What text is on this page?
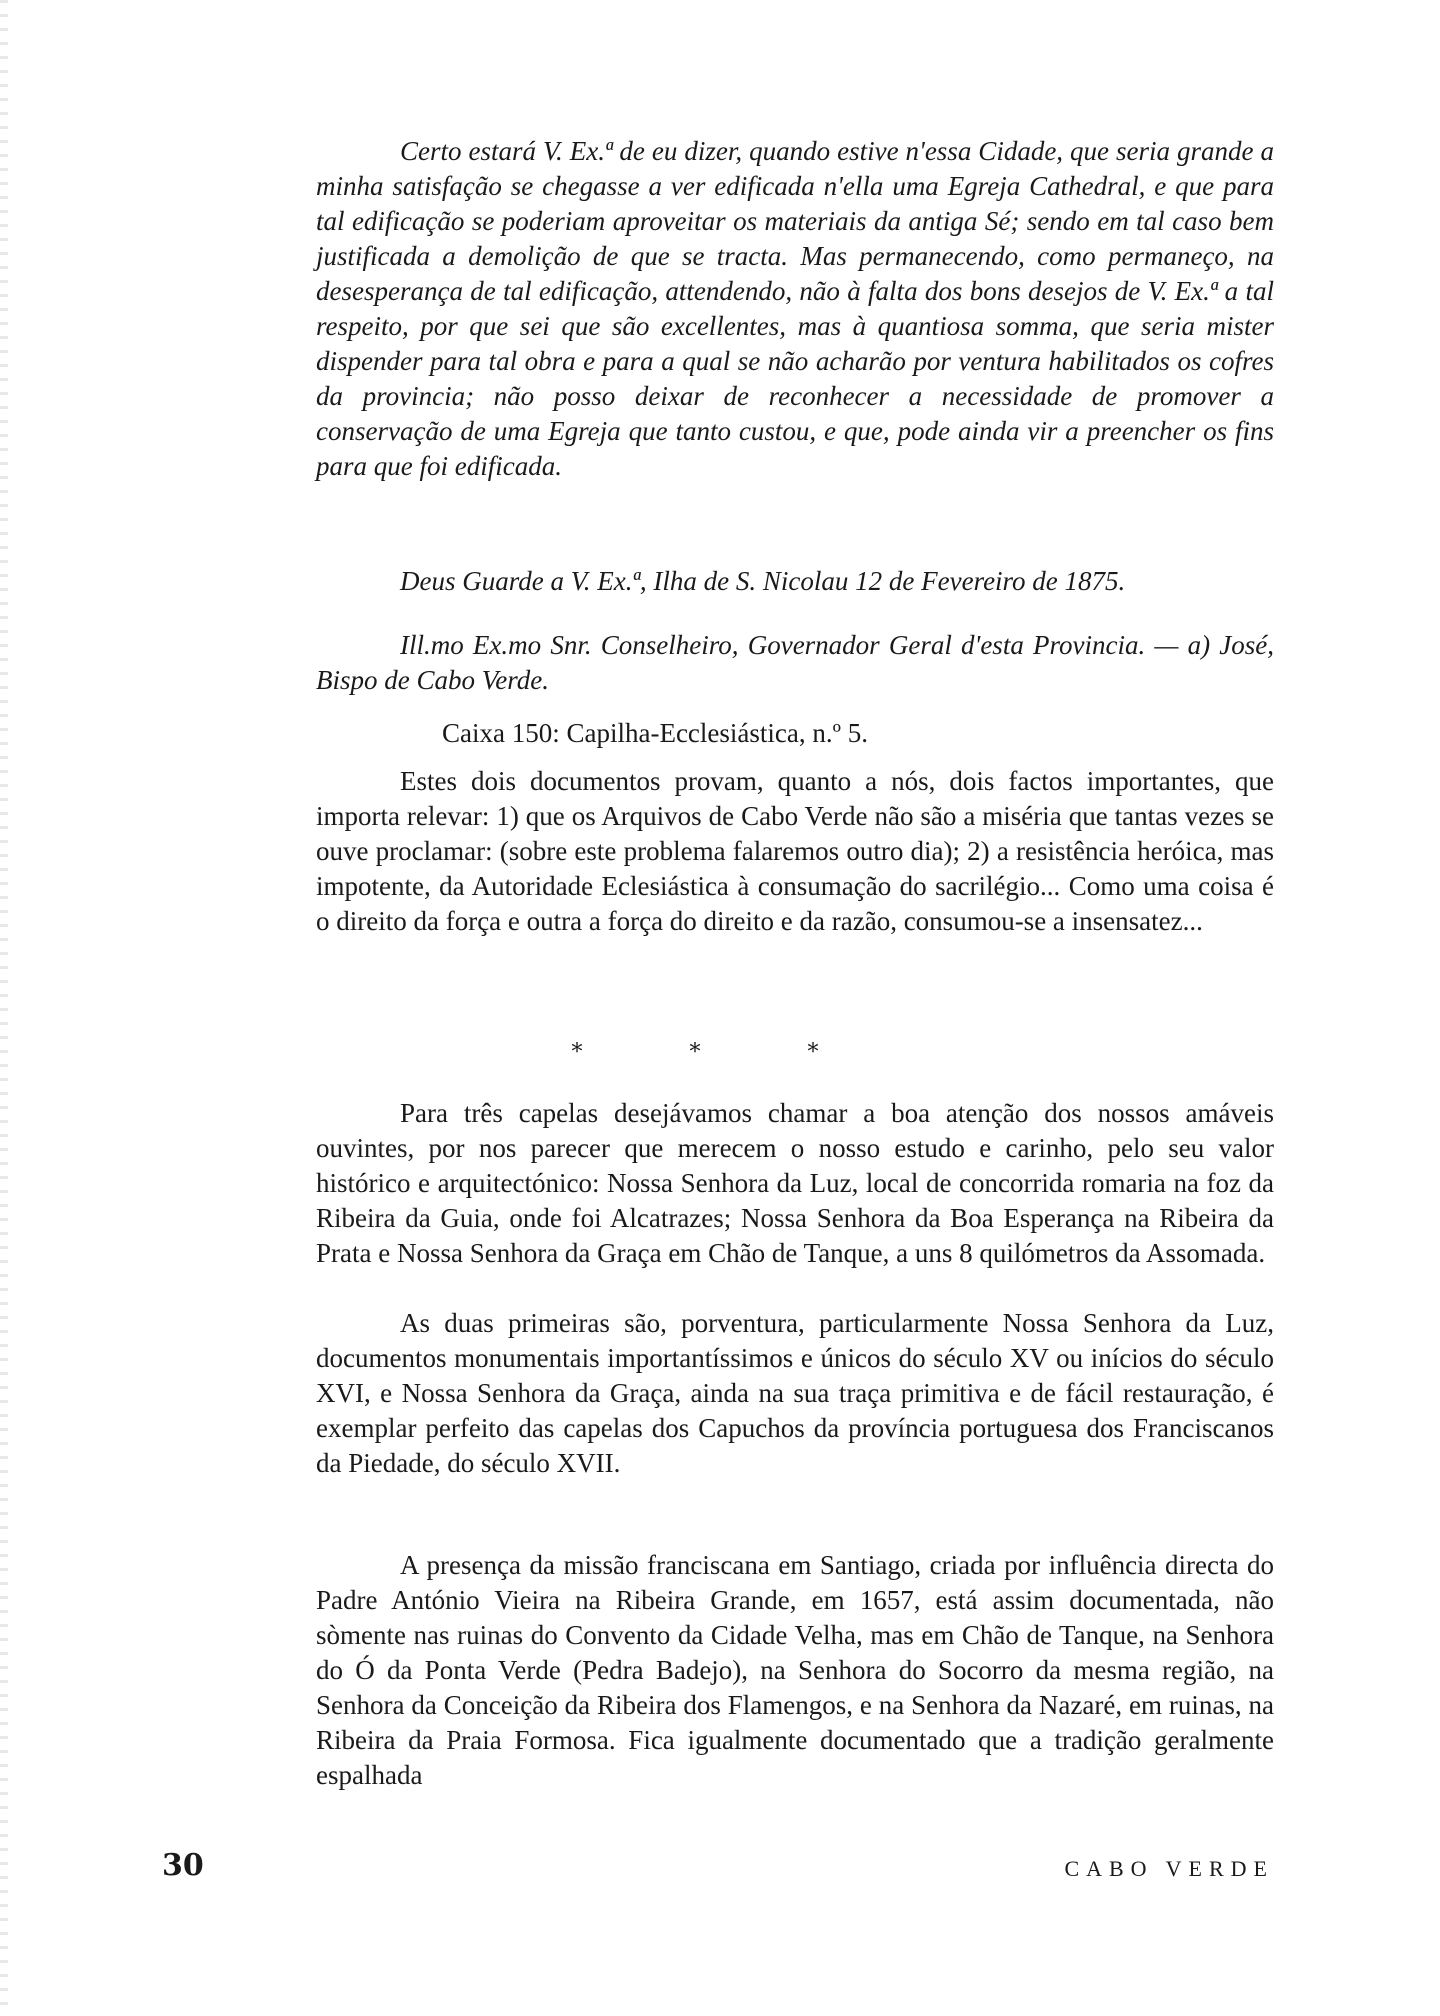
Certo estará V. Ex.ª de eu dizer, quando estive n'essa Cidade, que seria grande a minha satisfação se chegasse a ver edificada n'ella uma Egreja Cathedral, e que para tal edificação se poderiam aproveitar os materiais da antiga Sé; sendo em tal caso bem justificada a demolição de que se tracta. Mas permanecendo, como permaneço, na desesperança de tal edificação, attendendo, não à falta dos bons desejos de V. Ex.ª a tal respeito, por que sei que são excellentes, mas à quantiosa somma, que seria mister dispender para tal obra e para a qual se não acharão por ventura habilitados os cofres da provincia; não posso deixar de reconhecer a necessidade de promover a conservação de uma Egreja que tanto custou, e que, pode ainda vir a preencher os fins para que foi edificada.

Deus Guarde a V. Ex.ª, Ilha de S. Nicolau 12 de Fevereiro de 1875.

Ill.mo Ex.mo Snr. Conselheiro, Governador Geral d'esta Provincia. — a) José, Bispo de Cabo Verde.

Caixa 150: Capilha-Ecclesiástica, n.º 5.

Estes dois documentos provam, quanto a nós, dois factos importantes, que importa relevar: 1) que os Arquivos de Cabo Verde não são a miséria que tantas vezes se ouve proclamar: (sobre este problema falaremos outro dia); 2) a resistência heróica, mas impotente, da Autoridade Eclesiástica à consumação do sacrilégio... Como uma coisa é o direito da força e outra a força do direito e da razão, consumou-se a insensatez...

* * *

Para três capelas desejávamos chamar a boa atenção dos nossos amáveis ouvintes, por nos parecer que merecem o nosso estudo e carinho, pelo seu valor histórico e arquitectónico: Nossa Senhora da Luz, local de concorrida romaria na foz da Ribeira da Guia, onde foi Alcatrazes; Nossa Senhora da Boa Esperança na Ribeira da Prata e Nossa Senhora da Graça em Chão de Tanque, a uns 8 quilómetros da Assomada.

As duas primeiras são, porventura, particularmente Nossa Senhora da Luz, documentos monumentais importantíssimos e únicos do século XV ou inícios do século XVI, e Nossa Senhora da Graça, ainda na sua traça primitiva e de fácil restauração, é exemplar perfeito das capelas dos Capuchos da província portuguesa dos Franciscanos da Piedade, do século XVII.

A presença da missão franciscana em Santiago, criada por influência directa do Padre António Vieira na Ribeira Grande, em 1657, está assim documentada, não sòmente nas ruinas do Convento da Cidade Velha, mas em Chão de Tanque, na Senhora do Ó da Ponta Verde (Pedra Badejo), na Senhora do Socorro da mesma região, na Senhora da Conceição da Ribeira dos Flamengos, e na Senhora da Nazaré, em ruinas, na Ribeira da Praia Formosa. Fica igualmente documentado que a tradição geralmente espalhada

30	CABO VERDE
